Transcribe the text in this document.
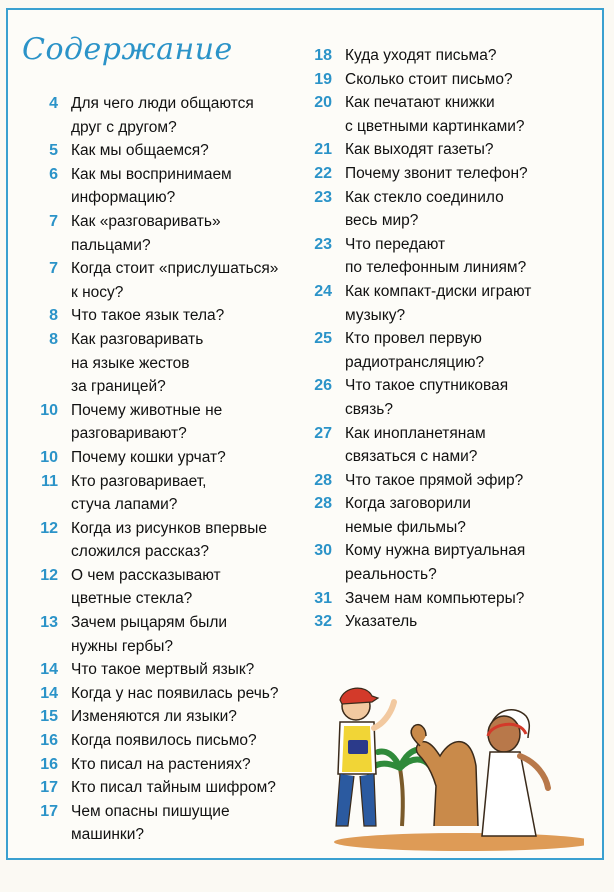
Содержание
4 Для чего люди общаются
друг с другом?
5 Как мы общаемся?
6 Как мы воспринимаем
информацию?
7 Как «разговаривать»
пальцами?
7 Когда стоит «прислушаться»
к носу?
8 Что такое язык тела?
8 Как разговаривать
на языке жестов
за границей?
10 Почему животные не
разговаривают?
10 Почему кошки урчат?
11 Кто разговаривает,
стуча лапами?
12 Когда из рисунков впервые
сложился рассказ?
12 О чем рассказывают
цветные стекла?
13 Зачем рыцарям были
нужны гербы?
14 Что такое мертвый язык?
14 Когда у нас появилась речь?
15 Изменяются ли языки?
16 Когда появилось письмо?
16 Кто писал на растениях?
17 Кто писал тайным шифром?
17 Чем опасны пишущие
машинки?
18 Куда уходят письма?
19 Сколько стоит письмо?
20 Как печатают книжки
с цветными картинками?
21 Как выходят газеты?
22 Почему звонит телефон?
23 Как стекло соединило
весь мир?
23 Что передают
по телефонным линиям?
24 Как компакт-диски играют
музыку?
25 Кто провел первую
радиотрансляцию?
26 Что такое спутниковая
связь?
27 Как инопланетянам
связаться с нами?
28 Что такое прямой эфир?
28 Когда заговорили
немые фильмы?
30 Кому нужна виртуальная
реальность?
31 Зачем нам компьютеры?
32 Указатель
